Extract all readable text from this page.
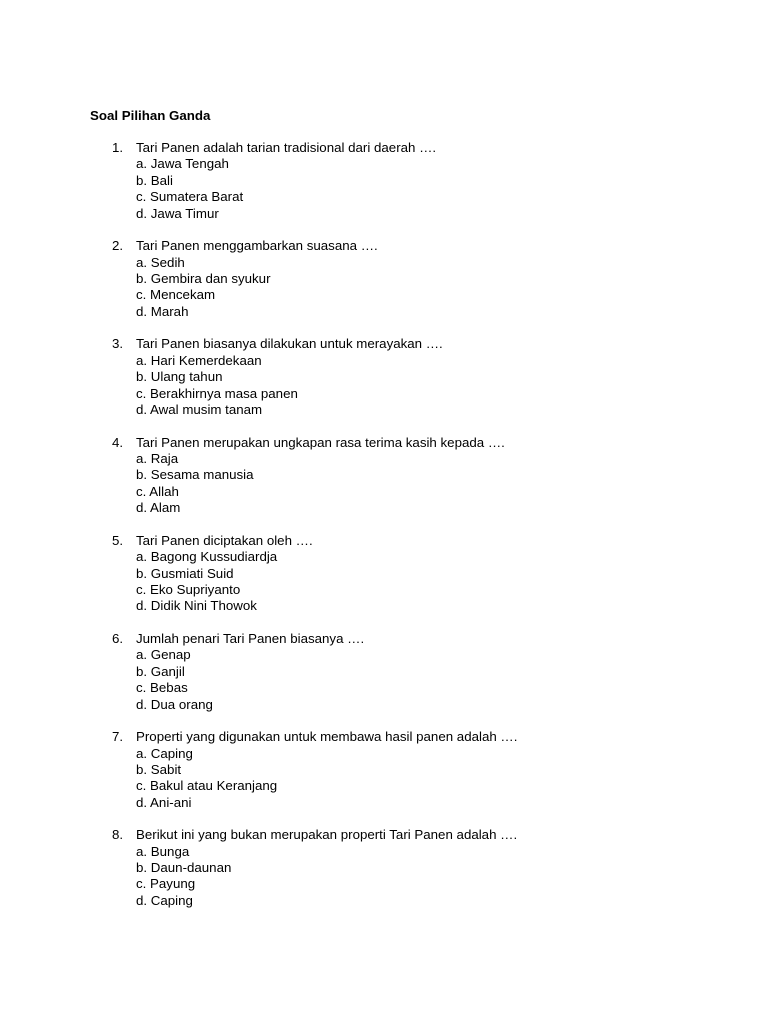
Soal Pilihan Ganda
1. Tari Panen adalah tarian tradisional dari daerah ….
a. Jawa Tengah
b. Bali
c. Sumatera Barat
d. Jawa Timur
2. Tari Panen menggambarkan suasana ….
a. Sedih
b. Gembira dan syukur
c. Mencekam
d. Marah
3. Tari Panen biasanya dilakukan untuk merayakan ….
a. Hari Kemerdekaan
b. Ulang tahun
c. Berakhirnya masa panen
d. Awal musim tanam
4. Tari Panen merupakan ungkapan rasa terima kasih kepada ….
a. Raja
b. Sesama manusia
c. Allah
d. Alam
5. Tari Panen diciptakan oleh ….
a. Bagong Kussudiardja
b. Gusmiati Suid
c. Eko Supriyanto
d. Didik Nini Thowok
6. Jumlah penari Tari Panen biasanya ….
a. Genap
b. Ganjil
c. Bebas
d. Dua orang
7. Properti yang digunakan untuk membawa hasil panen adalah ….
a. Caping
b. Sabit
c. Bakul atau Keranjang
d. Ani-ani
8. Berikut ini yang bukan merupakan properti Tari Panen adalah ….
a. Bunga
b. Daun-daunan
c. Payung
d. Caping
